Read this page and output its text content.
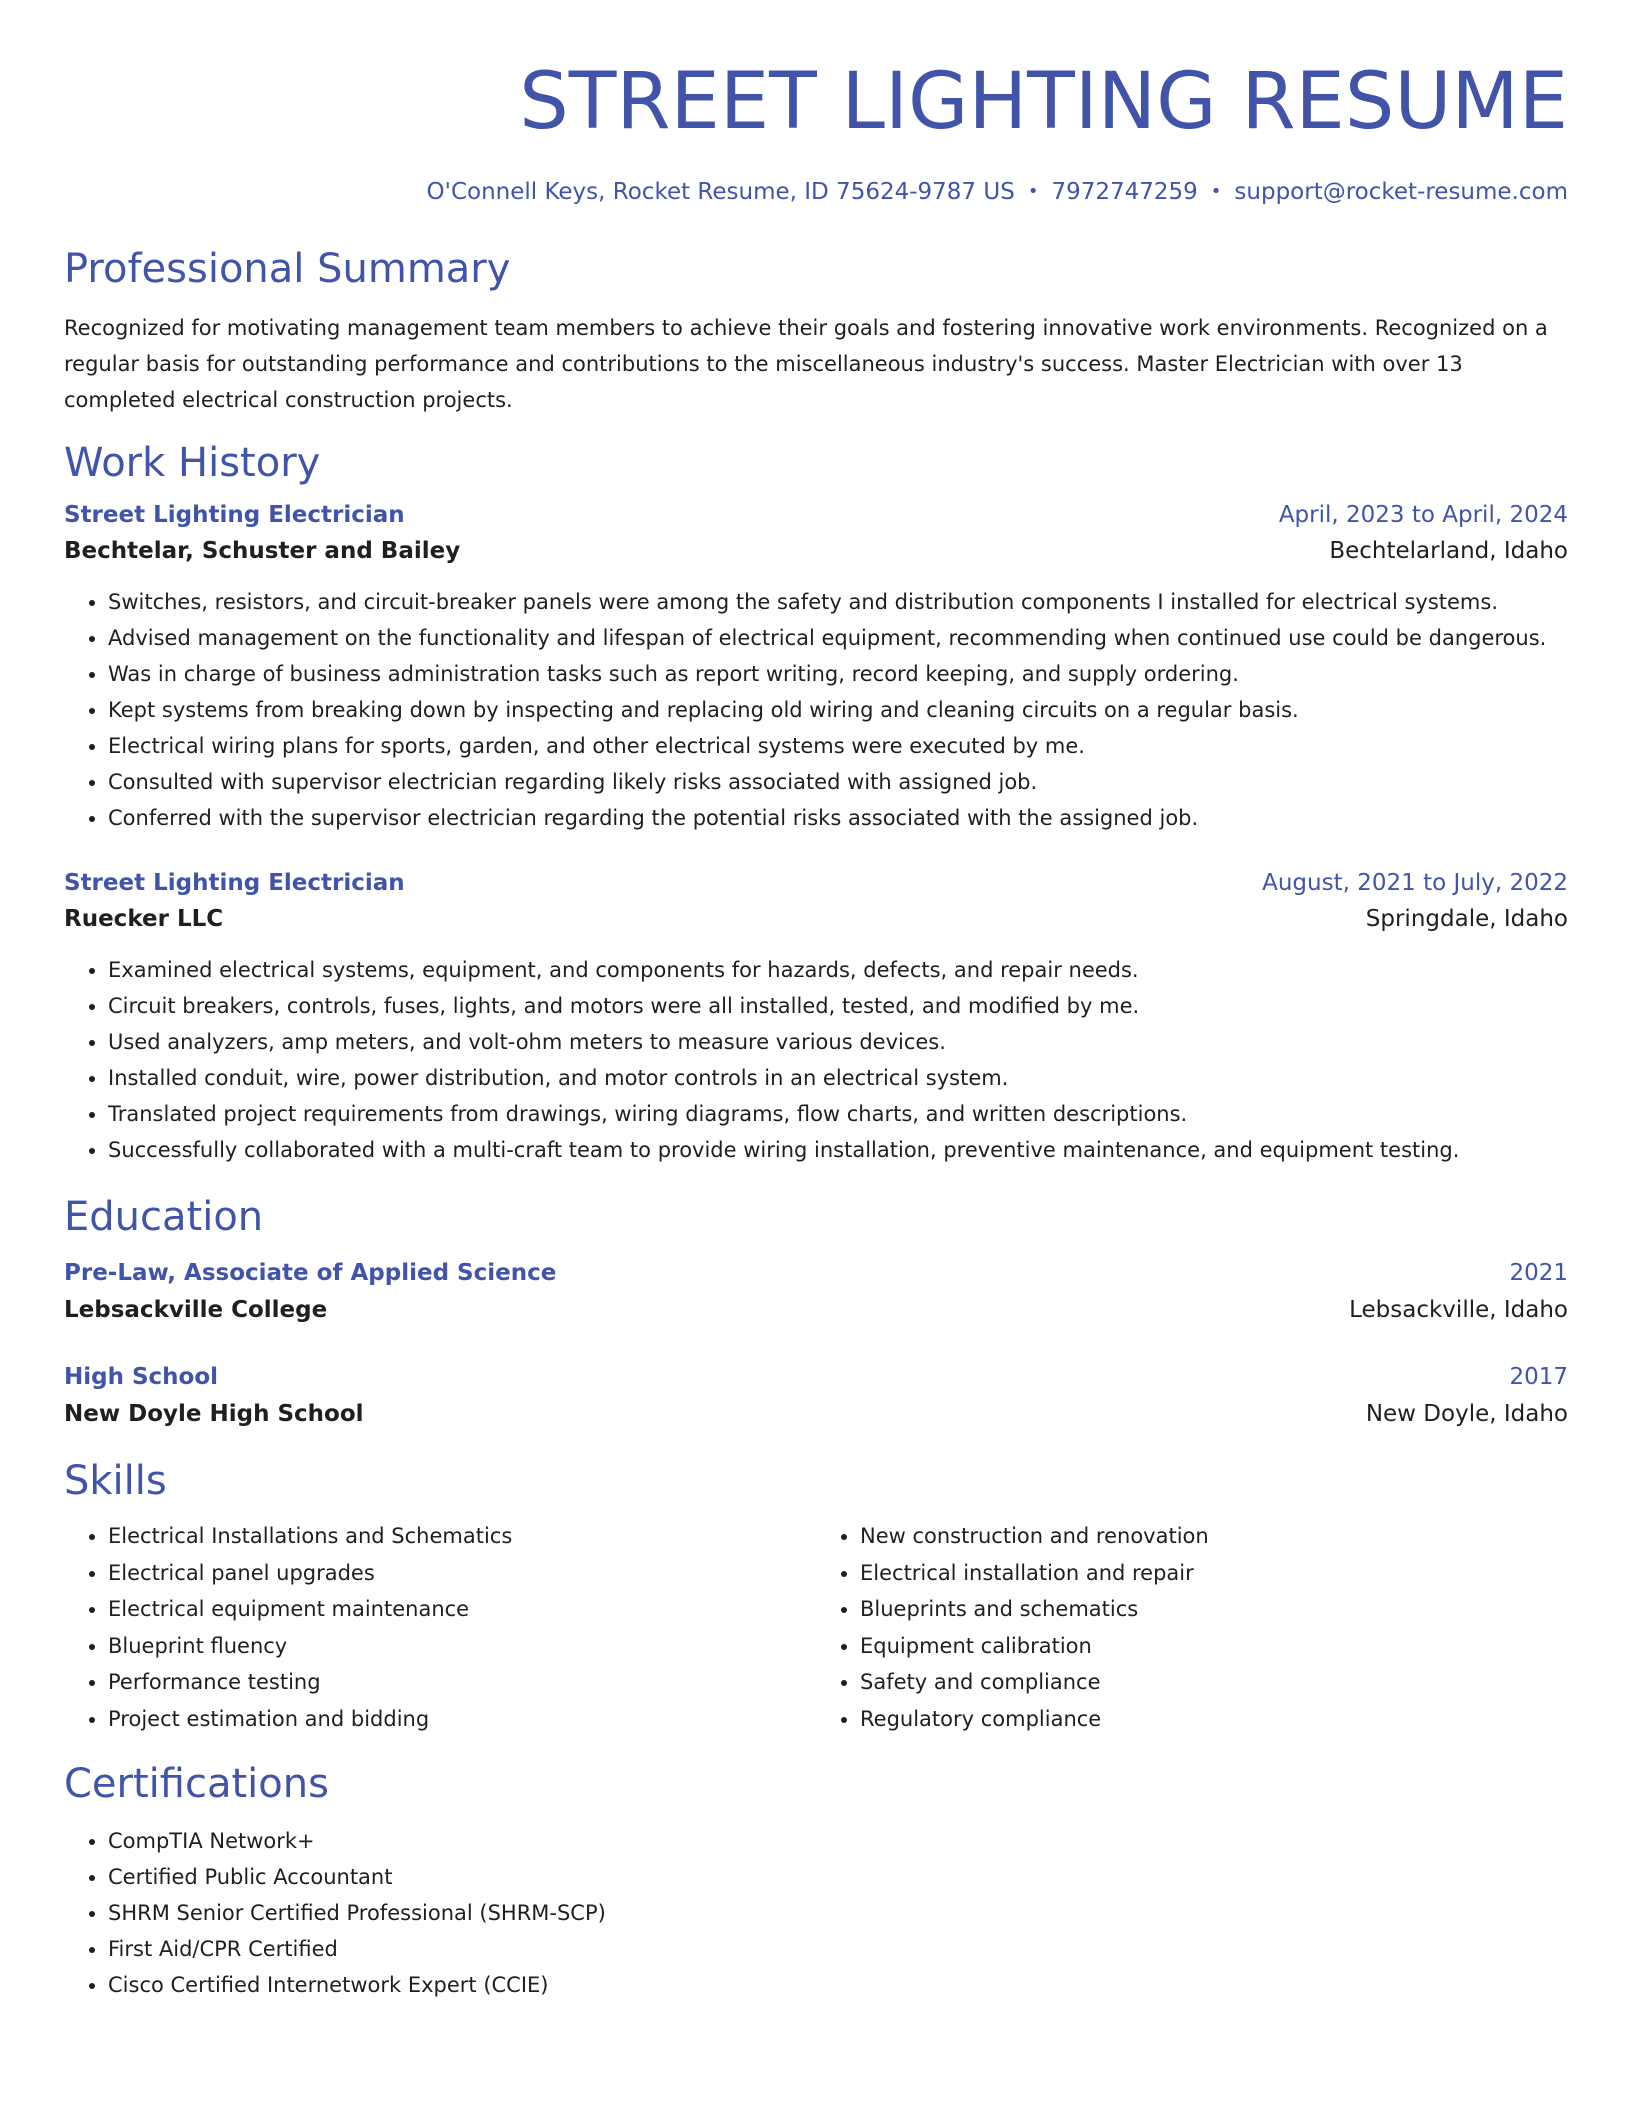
STREET LIGHTING RESUME
O'Connell Keys, Rocket Resume, ID 75624-9787 US • 7972747259 • support@rocket-resume.com
Professional Summary
Recognized for motivating management team members to achieve their goals and fostering innovative work environments. Recognized on a regular basis for outstanding performance and contributions to the miscellaneous industry's success. Master Electrician with over 13 completed electrical construction projects.
Work History
Street Lighting Electrician	April, 2023 to April, 2024
Bechtelar, Schuster and Bailey	Bechtelarland, Idaho
• Switches, resistors, and circuit-breaker panels were among the safety and distribution components I installed for electrical systems.
• Advised management on the functionality and lifespan of electrical equipment, recommending when continued use could be dangerous.
• Was in charge of business administration tasks such as report writing, record keeping, and supply ordering.
• Kept systems from breaking down by inspecting and replacing old wiring and cleaning circuits on a regular basis.
• Electrical wiring plans for sports, garden, and other electrical systems were executed by me.
• Consulted with supervisor electrician regarding likely risks associated with assigned job.
• Conferred with the supervisor electrician regarding the potential risks associated with the assigned job.
Street Lighting Electrician	August, 2021 to July, 2022
Ruecker LLC	Springdale, Idaho
• Examined electrical systems, equipment, and components for hazards, defects, and repair needs.
• Circuit breakers, controls, fuses, lights, and motors were all installed, tested, and modified by me.
• Used analyzers, amp meters, and volt-ohm meters to measure various devices.
• Installed conduit, wire, power distribution, and motor controls in an electrical system.
• Translated project requirements from drawings, wiring diagrams, flow charts, and written descriptions.
• Successfully collaborated with a multi-craft team to provide wiring installation, preventive maintenance, and equipment testing.
Education
Pre-Law, Associate of Applied Science	2021
Lebsackville College	Lebsackville, Idaho
High School	2017
New Doyle High School	New Doyle, Idaho
Skills
• Electrical Installations and Schematics
• Electrical panel upgrades
• Electrical equipment maintenance
• Blueprint fluency
• Performance testing
• Project estimation and bidding
• New construction and renovation
• Electrical installation and repair
• Blueprints and schematics
• Equipment calibration
• Safety and compliance
• Regulatory compliance
Certifications
• CompTIA Network+
• Certified Public Accountant
• SHRM Senior Certified Professional (SHRM-SCP)
• First Aid/CPR Certified
• Cisco Certified Internetwork Expert (CCIE)
